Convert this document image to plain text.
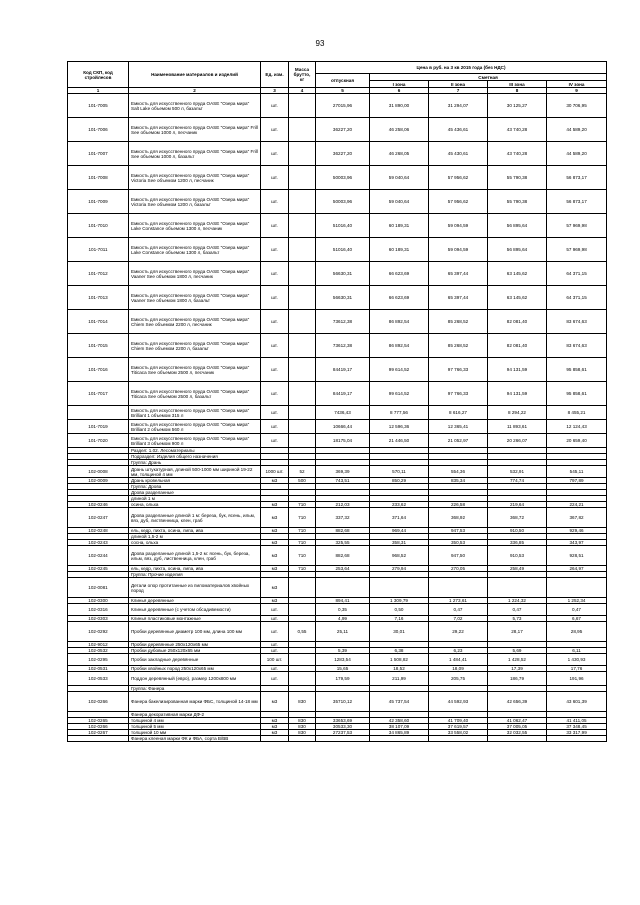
93
Код СКП, код стройлесов	Наименование материалов и изделий	Ед. изм.	Масса брутто, кг	Цена в руб. на 3 кв 2015 года (без НДС)				
				отпускная	Сметная			
					I зона	II зона	III зона	IV зона
1	2	3	4	5	6	7	8	9
101-7005	Емкость для искусственного пруда OASE "Озера мира" Salt Lake объемом 500 л, базальт	шт.		27015,96	31 890,00	31 294,07	30 125,27	30 706,95
101-7006	Емкость для искусственного пруда OASE "Озера мира" Frill See объемом 1000 л, песчаник	шт.		36227,20	46 258,06	45 436,61	43 740,28	44 589,20
101-7007	Емкость для искусственного пруда OASE "Озера мира" Frill See объемом 1000 л, базальт	шт.		36227,20	46 268,05	45 430,61	43 740,28	44 589,20
101-7008	Емкость для искусственного пруда OASE "Озера мира" Victoria See объемом 1200 л, песчаник	шт.		50003,96	59 040,64	57 956,62	55 790,38	56 873,17
101-7009	Емкость для искусственного пруда OASE "Озера мира" Victoria See объемом 1200 л, базальт	шт.		50003,96	59 040,64	57 956,62	55 790,38	56 873,17
101-7010	Емкость для искусственного пруда OASE "Озера мира" Lake Constance объемом 1300 л, песчаник	шт.		51016,40	60 189,31	59 094,59	56 895,64	57 969,98
101-7011	Емкость для искусственного пруда OASE "Озера мира" Lake Constance объемом 1300 л, базальт	шт.		51016,40	60 189,31	59 094,59	56 895,64	57 969,98
101-7012	Емкость для искусственного пруда OASE "Озера мира" Vaaner See объемом 1800 л, песчаник	шт.		56630,31	66 623,69	65 397,44	63 145,62	64 371,15
101-7013	Емкость для искусственного пруда OASE "Озера мира" Vaaner See объемом 1800 л, базальт	шт.		56630,31	66 623,69	65 397,44	63 145,62	64 371,15
101-7014	Емкость для искусственного пруда OASE "Озера мира" Chiem See объемом 2200 л, песчаник	шт.		73612,38	86 892,54	85 268,52	82 081,40	83 674,63
101-7015	Емкость для искусственного пруда OASE "Озера мира" Chiem See объемом 2200 л, базальт	шт.		73612,38	86 892,54	85 268,52	82 081,40	83 674,63
101-7016	Емкость для искусственного пруда OASE "Озера мира" Titicaca See объемом 2500 л, песчаник	шт.		84419,17	99 614,52	97 766,33	94 131,59	95 858,61
101-7017	Емкость для искусственного пруда OASE "Озера мира" Titicaca See объемом 2500 л, базальт	шт.		84419,17	99 614,52	97 766,33	94 131,59	95 858,61
	Емкость для искусственного пруда OASE "Озера мира" Brilliant 1 объемом 315 л	шт.		7436,43	8 777,56	8 616,27	8 294,22	8 455,21
101-7019	Емкость для искусственного пруда OASE "Озера мира" Brilliant 2 объемом 560 л	шт.		10666,44	12 596,36	12 365,41	11 893,61	12 124,43
101-7020	Емкость для искусственного пруда OASE "Озера мира" Brilliant 3 объемом 900 л	шт.		18175,04	21 446,50	21 052,97	20 266,07	20 659,40
	Раздел: 1.02. Лесоматериалы							
	Подраздел: Изделия общего назначения							
	Группа: Дрань							
102-0008	Дрань штукатурная, длиной 500-1000 мм шириной 19-22 мм, толщиной 4 мм	1000 шт.	52	369,39	570,11	554,36	532,91	545,11
102-0009	Дрань кровельная	м3	500	743,51	850,29	835,34	774,74	797,89
	Группа: Дрова							
	Дрова разделанные							
	длиной 1 м							
102-0246	осина, ольха	м3	710	212,03	233,62	226,58	219,64	224,21
102-0247	Дрова разделанные длиной 1 м: береза, бук, ясень, ильм, вяз, дуб, лиственница, клен, граб	м3	710	337,32	371,64	368,92	368,72	367,82
102-0248	ель, кедр, пихта, осина, липа, ива	м3	710	882,68	969,44	947,53	910,50	929,46
	длиной 1,5-2 м							
102-0243	сосна, ольха	м3	710	325,55	358,31	350,53	336,85	343,97
102-0244	Дрова разделанные длиной 1,5-2 м: ясень, бук, береза, ильм, вяз, дуб, лиственница, клен, граб	м3	710	882,68	968,52	947,50	910,53	928,51
102-0245	ель, кедр, пихта, осина, липа, ива	м3	710	253,64	279,94	270,05	258,49	264,97
	Группа: Прочие изделия							
102-0081	Детали опор протитанные из пиломатериалов хвойных пород	м3						
102-0300	Клинья деревянные	м3		894,41	1 309,79	1 273,61	1 224,32	1 252,34
102-0316	Клинья деревянные (с учетом обсадивемости)	шт.		0,35	0,50	0,47	0,47	0,47
102-0303	Клинья пластиковые монтажные	шт.		4,99	7,16	7,02	5,73	6,67
102-0292	Пробки деревянные диаметр 100 мм, длина 100 мм	шт.	0,55	25,11	30,01	29,22	28,17	28,95
102-9012	Пробки деревянные 250х120х65 мм	шт.						
102-0532	Пробки дубовые 250х120х65 мм	шт.		5,39	6,38	6,23	5,69	6,11
102-0295	Пробки закладные деревянные	100 шт.		1283,54	1 508,82	1 484,41	1 428,52	1 430,93
102-0531	Пробки хвойных пород 250х120х65 мм	шт.		15,65	18,52	18,09	17,39	17,76
102-0533	Поддон деревянный (евро), размер 1200х800 мм	шт.		179,59	211,99	205,75	186,79	191,96
	Группа: Фанера							
102-0266	Фанера бакелизированная марки ФБС, толщиной 14-18 мм	м3	830	35710,12	45 737,54	44 592,93	42 656,39	43 601,39
	Фанера декоративная марки ДФ-2							
102-0265	толщиной 4 мм	м3	830	33653,69	42 358,60	41 709,40	41 062,47	41 411,05
102-0266	толщиной 5 мм	м3	830	30533,30	38 107,09	37 619,57	37 005,05	37 348,45
102-0267	толщиной 10 мм	м3	830	27237,53	34 865,89	33 558,02	32 032,55	33 317,99
	Фанера клееная марки ФК и ФБА, сорта В/ВВ							
